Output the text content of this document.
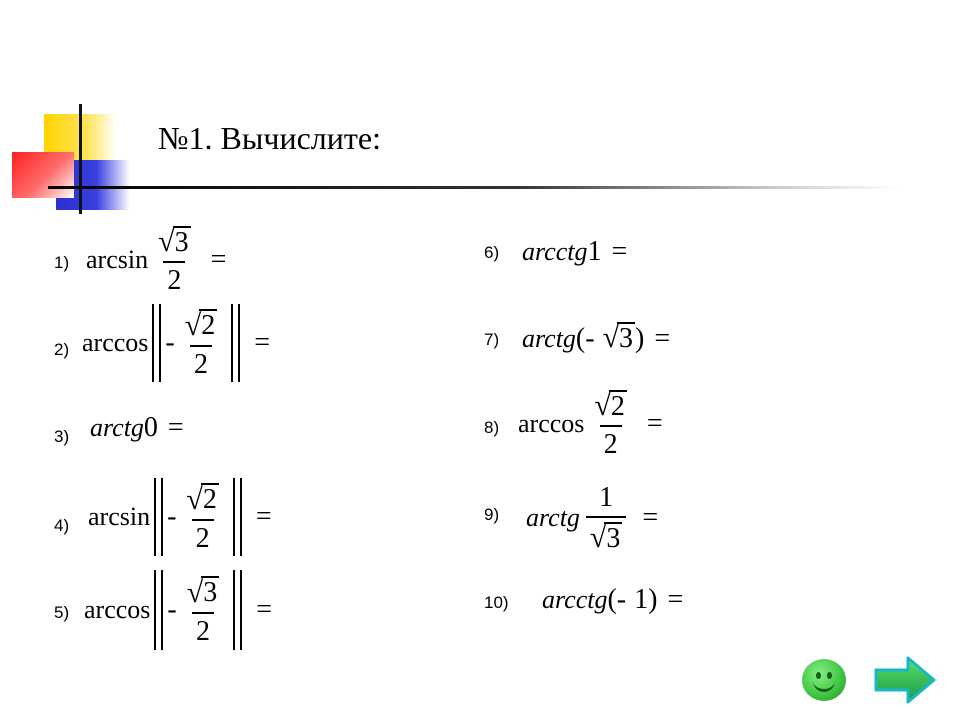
№1. Вычислите:
1) $\arcsin \frac{√ 3}{2}$ =
2) arccos - $\frac{√ 2}{2}$ =
3) arctg 0 =
4) arcsin - $\frac{√ 2}{2}$ =
5) arccos - $\frac{√ 3}{2}$ =
6) arcctg 1 =
7) arctg ( - √ 3 ) =
8) $\arccos \frac{√ 2}{2}$ =
9) arctg $\frac{1}{√ 3}$ =
10) arcctg ( - 1 ) =
